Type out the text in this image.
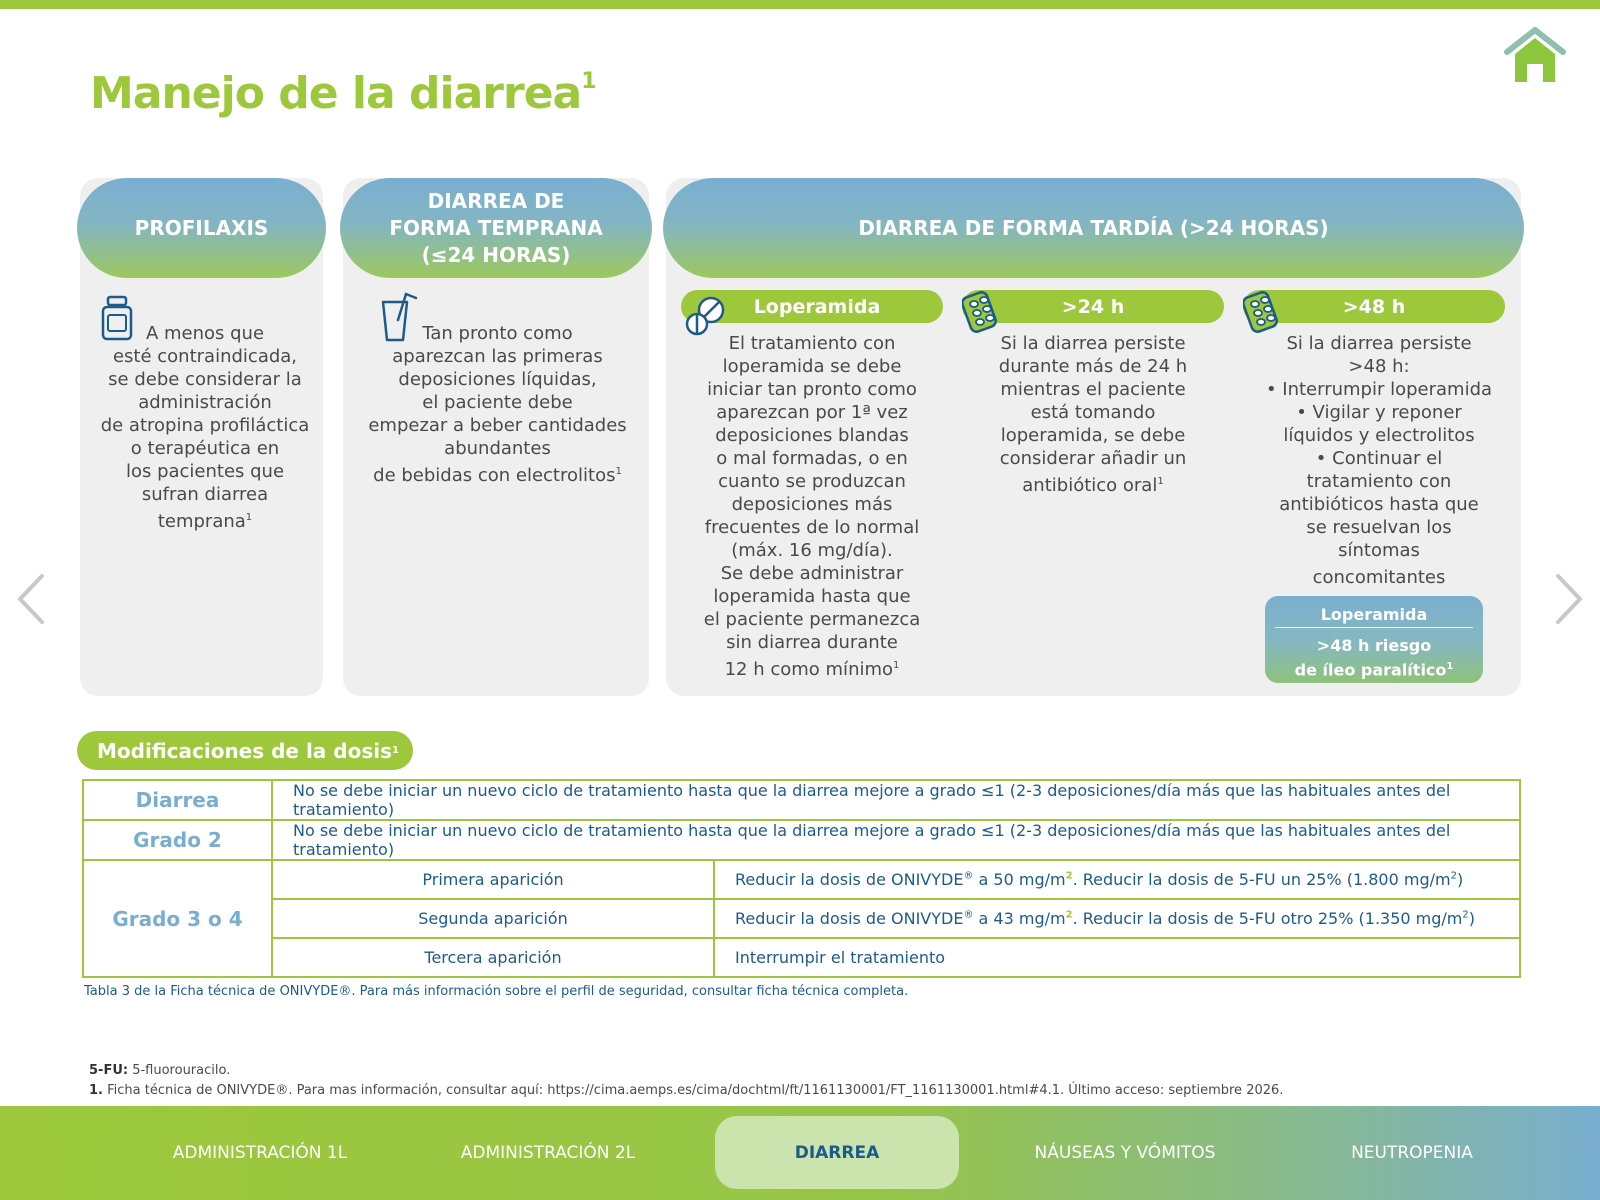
Manejo de la diarrea$^1$
PROFILAXIS
A menos que
esté contraindicada,
se debe considerar la
administración
de atropina profiláctica
o terapéutica en
los pacientes que
sufran diarrea
temprana$^1$
DIARREA DE
FORMA TEMPRANA
(≤24 HORAS)
Tan pronto como
aparezcan las primeras
deposiciones líquidas,
el paciente debe
empezar a beber cantidades
abundantes
de bebidas con electrolitos$^1$
DIARREA DE FORMA TARDÍA (>24 HORAS)
Loperamida
El tratamiento con
loperamida se debe
iniciar tan pronto como
aparezcan por 1ª vez
deposiciones blandas
o mal formadas, o en
cuanto se produzcan
deposiciones más
frecuentes de lo normal
(máx. 16 mg/día).
Se debe administrar
loperamida hasta que
el paciente permanezca
sin diarrea durante
12 h como mínimo$^1$
>24 h
Si la diarrea persiste
durante más de 24 h
mientras el paciente
está tomando
loperamida, se debe
considerar añadir un
antibiótico oral$^1$
>48 h
Si la diarrea persiste
>48 h:
• Interrumpir loperamida
• Vigilar y reponer
líquidos y electrolitos
• Continuar el
tratamiento con
antibióticos hasta que
se resuelvan los
síntomas
concomitantes
Loperamida
>48 h riesgo
de íleo paralítico$^1$
Modificaciones de la dosis 1
Diarrea	No se debe iniciar un nuevo ciclo de tratamiento hasta que la diarrea mejore a grado ≤1 (2-3 deposiciones/día más que las habituales antes del tratamiento)	
Grado 2	No se debe iniciar un nuevo ciclo de tratamiento hasta que la diarrea mejore a grado ≤1 (2-3 deposiciones/día más que las habituales antes del tratamiento)	
Grado 3 o 4	Primera aparición	Reducir la dosis de ONIVYDE® a 50 $mg/m^2$. Reducir la dosis de 5-FU un 25% (1.800 $mg/m^2$)
	Segunda aparición	Reducir la dosis de ONIVYDE® a 43 $mg/m^2$. Reducir la dosis de 5-FU otro 25% (1.350 $mg/m^2$)
	Tercera aparición	Interrumpir el tratamiento
Tabla 3 de la Ficha técnica de ONIVYDE®. Para más información sobre el perfil de seguridad, consultar ficha técnica completa.
5-FU: 5-fluorouracilo.
1. Ficha técnica de ONIVYDE®. Para mas información, consultar aquí: https://cima.aemps.es/cima/dochtml/ft/1161130001/FT_1161130001.html#4.1. Último acceso: septiembre 2026.
ADMINISTRACIÓN 1L	ADMINISTRACIÓN 2L	DIARREA	NÁUSEAS Y VÓMITOS	NEUTROPENIA
